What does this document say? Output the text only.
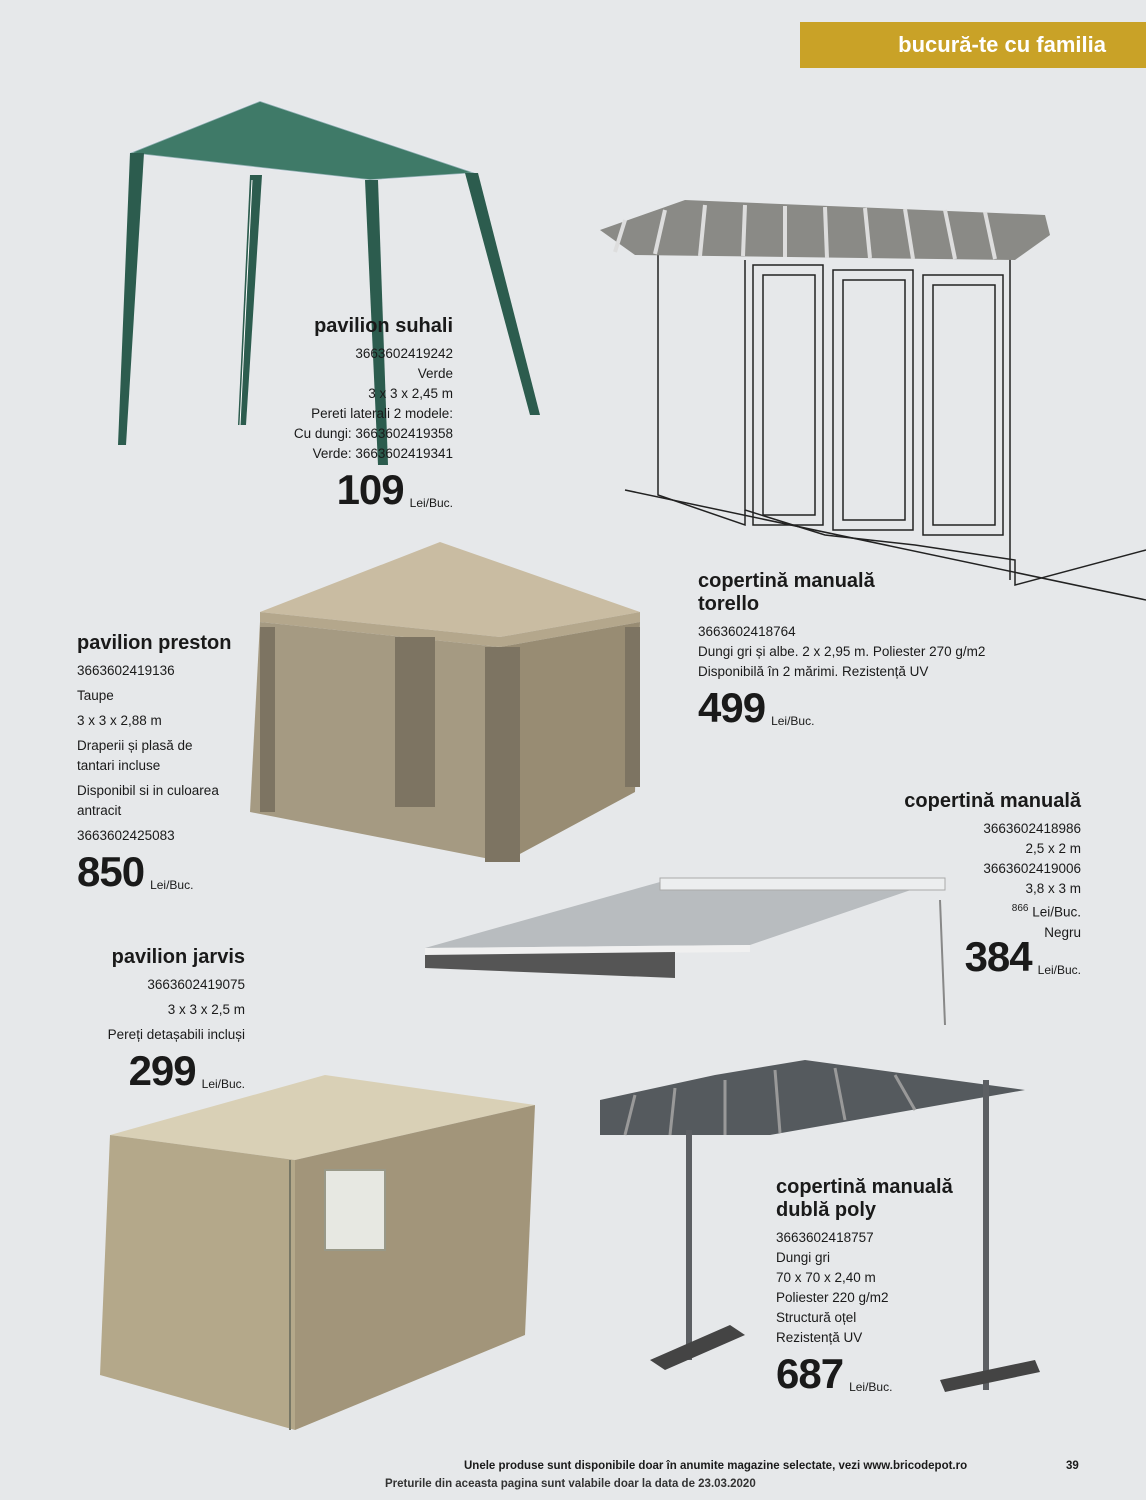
bucură-te cu familia
pavilion suhali
3663602419242
Verde
3 x 3 x 2,45 m
Pereti laterali 2 modele:
Cu dungi: 3663602419358
Verde: 3663602419341
109 Lei/Buc.
copertină manuală
torello
3663602418764
Dungi gri și albe. 2 x 2,95 m. Poliester 270 g/m2
Disponibilă în 2 mărimi. Rezistență UV
499 Lei/Buc.
pavilion preston
3663602419136
Taupe
3 x 3 x 2,88 m
Draperii și plasă de
tantari incluse
Disponibil si in culoarea
antracit
3663602425083
850 Lei/Buc.
copertină manuală
3663602418986
2,5 x 2 m
3663602419006
3,8 x 3 m
$^{866}$ Lei/Buc.
Negru
384 Lei/Buc.
pavilion jarvis
3663602419075
3 x 3 x 2,5 m
Pereți detașabili incluși
299 Lei/Buc.
copertină manuală
dublă poly
3663602418757
Dungi gri
70 x 70 x 2,40 m
Poliester 220 g/m2
Structură oțel
Rezistență UV
687 Lei/Buc.
Unele produse sunt disponibile doar în anumite magazine selectate, vezi www.bricodepot.ro	39
Preturile din aceasta pagina sunt valabile doar la data de 23.03.2020
